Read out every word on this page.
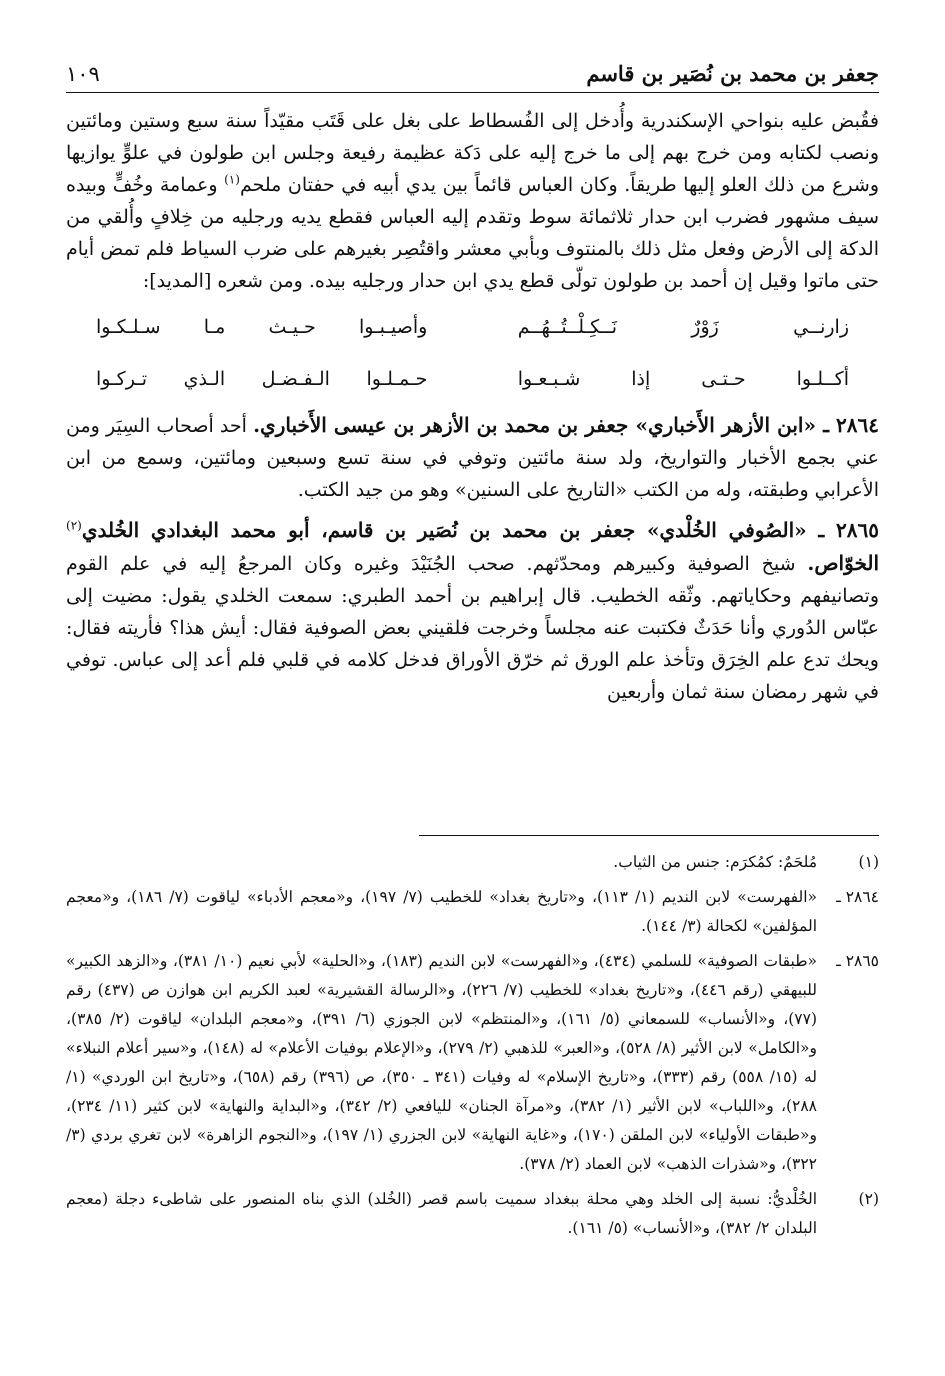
جعفر بن محمد بن نُصَير بن قاسم
١٠٩

فقُبض عليه بنواحي الإسكندرية وأُدخل إلى الفُسطاط على بغل على قَتَب مقيّداً سنة سبع وستين ومائتين ونصب لكتابه ومن خرج بهم إلى ما خرج إليه على دَكة عظيمة رفيعة وجلس ابن طولون في علوٍّ يوازيها وشرع من ذلك العلو إليها طريقاً. وكان العباس قائماً بين يدي أبيه في حفتان ملحم$^{(١)}$ وعمامة وخُفٍّ وبيده سيف مشهور فضرب ابن حدار ثلاثمائة سوط وتقدم إليه العباس فقطع يديه ورجليه من خِلافٍ وأُلقي من الدكة إلى الأرض وفعل مثل ذلك بالمنتوف وبأبي معشر واقتُصِر بغيرهم على ضرب السياط فلم تمض أيام حتى ماتوا وقيل إن أحمد بن طولون تولّى قطع يدي ابن حدار ورجليه بيده. ومن شعره [المديد]:

زارنــي زَوْرٌ نَــكِـلْــتُــهُــم
وأصيـبـوا حـيـث مـا سـلـكـوا
أكــلـوا حـتـى إذا شـبـعـوا
حـمـلـوا الـفـضـل الـذي تـركـوا

٢٨٦٤ ـ «ابن الأزهر الأَخباري» جعفر بن محمد بن الأزهر بن عيسى الأَخباري. أحد أصحاب السِيَر ومن عني بجمع الأخبار والتواريخ، ولد سنة مائتين وتوفي في سنة تسع وسبعين ومائتين، وسمع من ابن الأعرابي وطبقته، وله من الكتب «التاريخ على السنين» وهو من جيد الكتب.

٢٨٦٥ ـ «الصُوفي الخُلْدي» جعفر بن محمد بن نُصَير بن قاسم، أبو محمد البغدادي الخُلدي$^{(٢)}$ الخوّاص. شيخ الصوفية وكبيرهم ومحدّثهم. صحب الجُنَيْدَ وغيره وكان المرجعُ إليه في علم القوم وتصانيفهم وحكاياتهم. وثّقه الخطيب. قال إبراهيم بن أحمد الطبري: سمعت الخلدي يقول: مضيت إلى عبّاس الدُوري وأنا حَدَثٌ فكتبت عنه مجلساً وخرجت فلقيني بعض الصوفية فقال: أيش هذا؟ فأريته فقال: ويحك تدع علم الخِرَق وتأخذ علم الورق ثم خرّق الأوراق فدخل كلامه في قلبي فلم أعد إلى عباس. توفي في شهر رمضان سنة ثمان وأربعين

(١)
مُلحَمٌ: كمُكرَم: جنس من الثياب.
٢٨٦٤ ـ
«الفهرست» لابن النديم (١/ ١١٣)، و«تاريخ بغداد» للخطيب (٧/ ١٩٧)، و«معجم الأدباء» لياقوت (٧/ ١٨٦)، و«معجم المؤلفين» لكحالة (٣/ ١٤٤).
٢٨٦٥ ـ
«طبقات الصوفية» للسلمي (٤٣٤)، و«الفهرست» لابن النديم (١٨٣)، و«الحلية» لأبي نعيم (١٠/ ٣٨١)، و«الزهد الكبير» للبيهقي (رقم ٤٤٦)، و«تاريخ بغداد» للخطيب (٧/ ٢٢٦)، و«الرسالة القشيرية» لعبد الكريم ابن هوازن ص (٤٣٧) رقم (٧٧)، و«الأنساب» للسمعاني (٥/ ١٦١)، و«المنتظم» لابن الجوزي (٦/ ٣٩١)، و«معجم البلدان» لياقوت (٢/ ٣٨٥)، و«الكامل» لابن الأثير (٨/ ٥٢٨)، و«العبر» للذهبي (٢/ ٢٧٩)، و«الإعلام بوفيات الأعلام» له (١٤٨)، و«سير أعلام النبلاء» له (١٥/ ٥٥٨) رقم (٣٣٣)، و«تاريخ الإسلام» له وفيات (٣٤١ ـ ٣٥٠)، ص (٣٩٦) رقم (٦٥٨)، و«تاريخ ابن الوردي» (١/ ٢٨٨)، و«اللباب» لابن الأثير (١/ ٣٨٢)، و«مرآة الجنان» لليافعي (٢/ ٣٤٢)، و«البداية والنهاية» لابن كثير (١١/ ٢٣٤)، و«طبقات الأولياء» لابن الملقن (١٧٠)، و«غاية النهاية» لابن الجزري (١/ ١٩٧)، و«النجوم الزاهرة» لابن تغري بردي (٣/ ٣٢٢)، و«شذرات الذهب» لابن العماد (٢/ ٣٧٨).
(٢)
الخُلْديُّ: نسبة إلى الخلد وهي محلة ببغداد سميت باسم قصر (الخُلد) الذي بناه المنصور على شاطىء دجلة (معجم البلدان ٢/ ٣٨٢)، و«الأنساب» (٥/ ١٦١).
